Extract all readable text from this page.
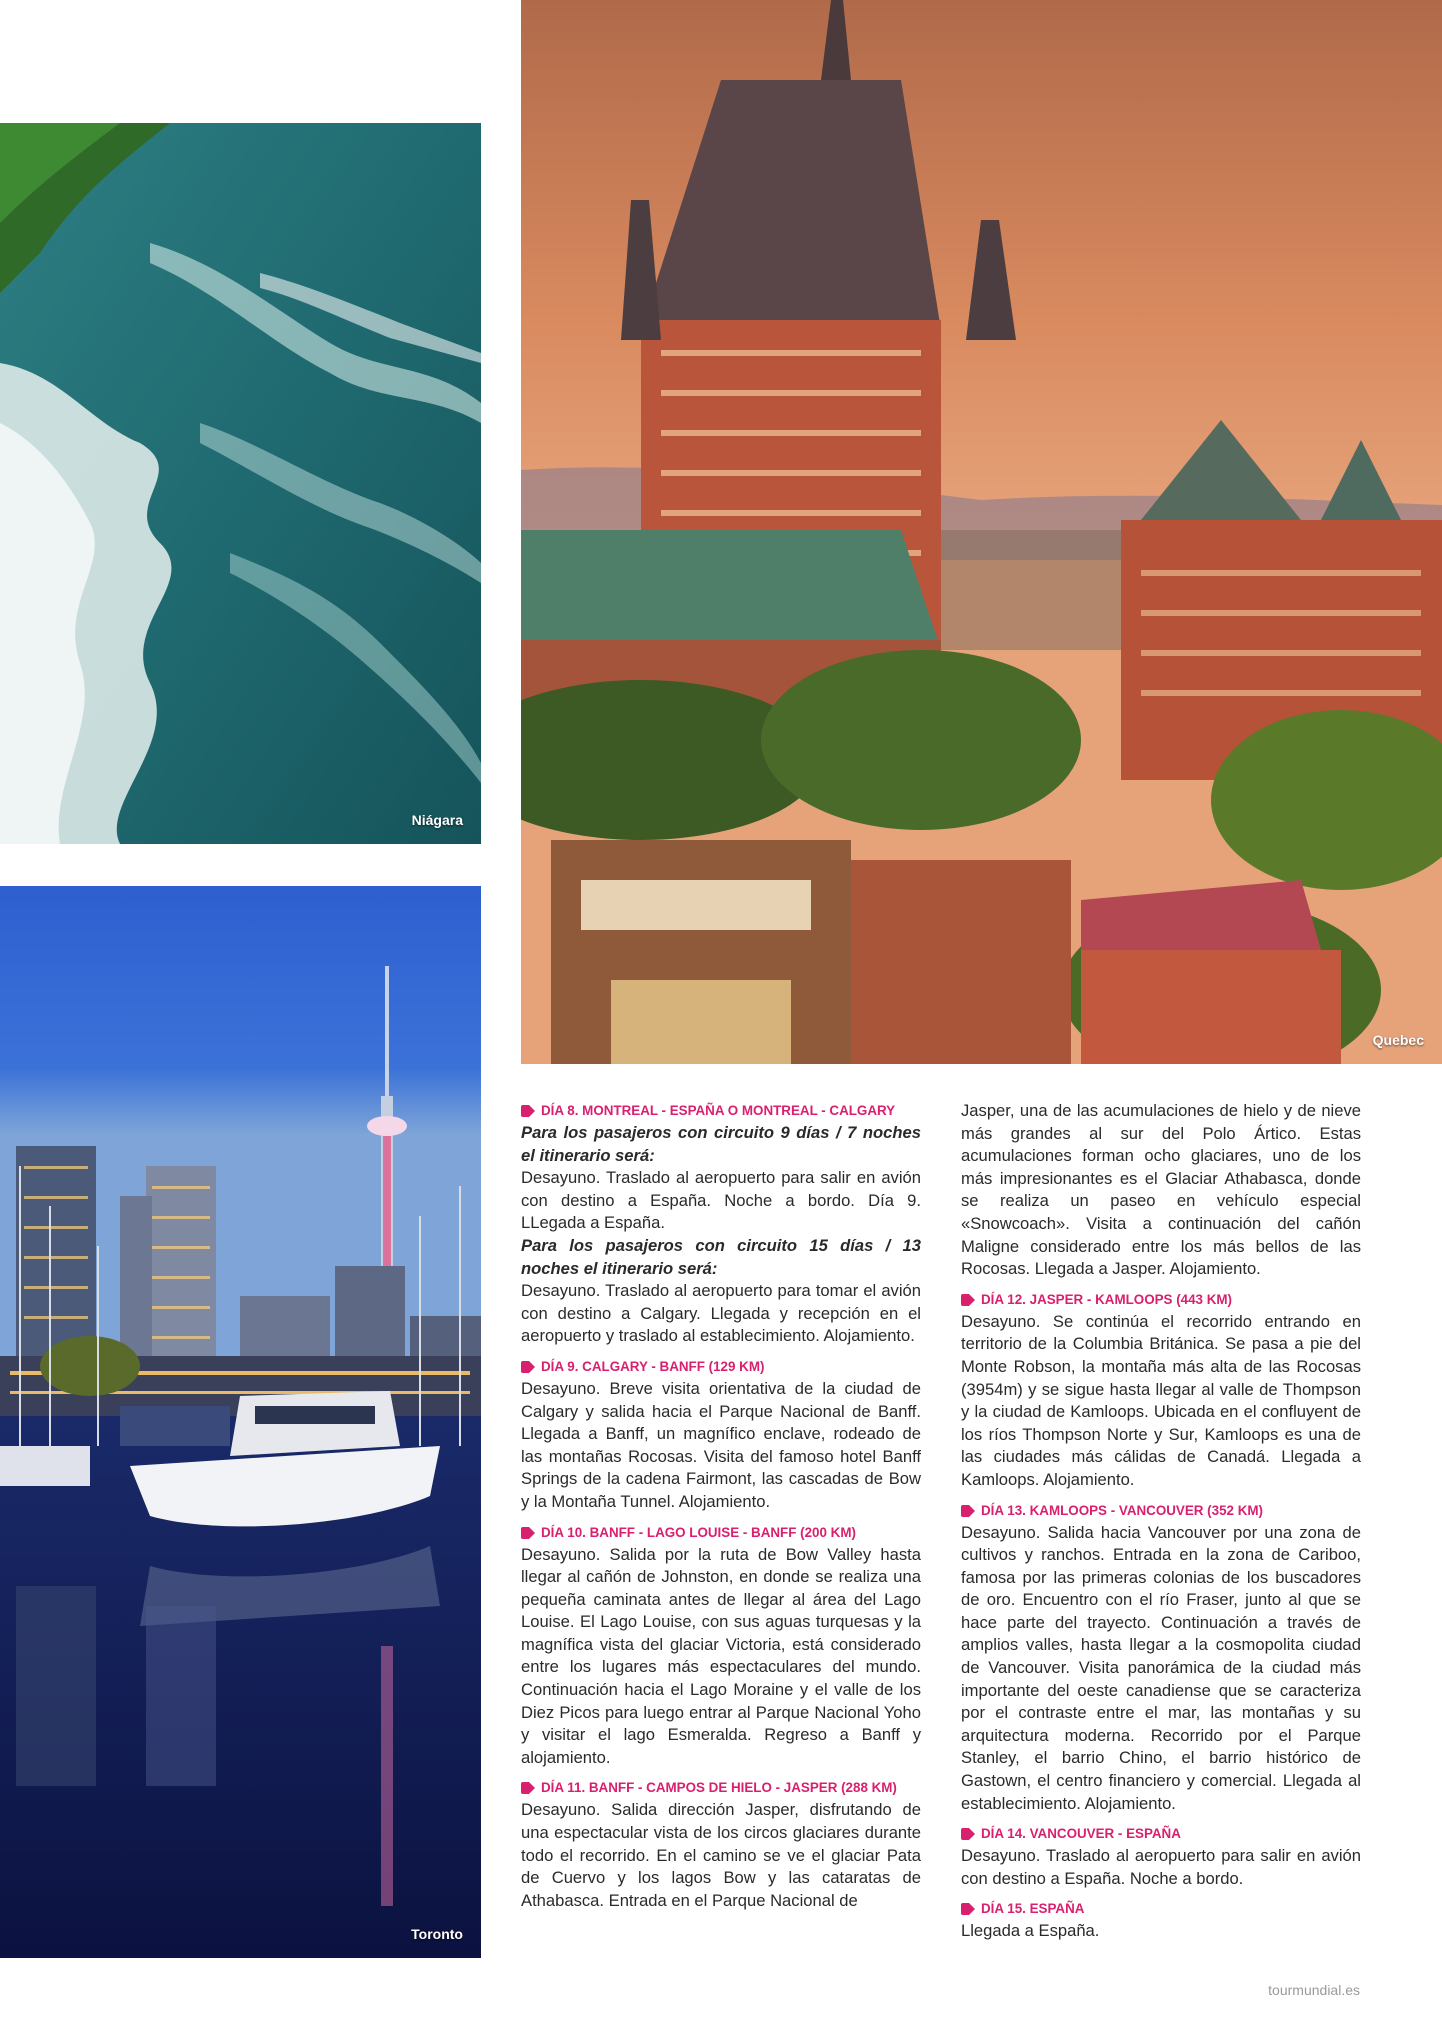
Niágara
Toronto
Quebec
DÍA 8. MONTREAL - ESPAÑA O MONTREAL - CALGARY
Para los pasajeros con circuito 9 días / 7 noches el itinerario será:
Desayuno. Traslado al aeropuerto para salir en avión con destino a España. Noche a bordo. Día 9. LLegada a España.
Para los pasajeros con circuito 15 días / 13 noches el itinerario será:
Desayuno. Traslado al aeropuerto para tomar el avión con destino a Calgary. Llegada y recepción en el aeropuerto y traslado al establecimiento. Alojamiento.
DÍA 9. CALGARY - BANFF (129 KM)
Desayuno. Breve visita orientativa de la ciudad de Calgary y salida hacia el Parque Nacional de Banff. Llegada a Banff, un magnífico enclave, rodeado de las montañas Rocosas. Visita del famoso hotel Banff Springs de la cadena Fairmont, las cascadas de Bow y la Montaña Tunnel. Alojamiento.
DÍA 10. BANFF - LAGO LOUISE - BANFF (200 KM)
Desayuno. Salida por la ruta de Bow Valley hasta llegar al cañón de Johnston, en donde se realiza una pequeña caminata antes de llegar al área del Lago Louise. El Lago Louise, con sus aguas turquesas y la magnífica vista del glaciar Victoria, está considerado entre los lugares más espectaculares del mundo. Continuación hacia el Lago Moraine y el valle de los Diez Picos para luego entrar al Parque Nacional Yoho y visitar el lago Esmeralda. Regreso a Banff y alojamiento.
DÍA 11. BANFF - CAMPOS DE HIELO - JASPER (288 KM)
Desayuno. Salida dirección Jasper, disfrutando de una espectacular vista de los circos glaciares durante todo el recorrido. En el camino se ve el glaciar Pata de Cuervo y los lagos Bow y las cataratas de Athabasca. Entrada en el Parque Nacional de
Jasper, una de las acumulaciones de hielo y de nieve más grandes al sur del Polo Ártico. Estas acumulaciones forman ocho glaciares, uno de los más impresionantes es el Glaciar Athabasca, donde se realiza un paseo en vehículo especial «Snowcoach». Visita a continuación del cañón Maligne considerado entre los más bellos de las Rocosas. Llegada a Jasper. Alojamiento.
DÍA 12. JASPER - KAMLOOPS (443 KM)
Desayuno. Se continúa el recorrido entrando en territorio de la Columbia Británica. Se pasa a pie del Monte Robson, la montaña más alta de las Rocosas (3954m) y se sigue hasta llegar al valle de Thompson y la ciudad de Kamloops. Ubicada en el confluyent de los ríos Thompson Norte y Sur, Kamloops es una de las ciudades más cálidas de Canadá. Llegada a Kamloops. Alojamiento.
DÍA 13. KAMLOOPS - VANCOUVER (352 KM)
Desayuno. Salida hacia Vancouver por una zona de cultivos y ranchos. Entrada en la zona de Cariboo, famosa por las primeras colonias de los buscadores de oro. Encuentro con el río Fraser, junto al que se hace parte del trayecto. Continuación a través de amplios valles, hasta llegar a la cosmopolita ciudad de Vancouver. Visita panorámica de la ciudad más importante del oeste canadiense que se caracteriza por el contraste entre el mar, las montañas y su arquitectura moderna. Recorrido por el Parque Stanley, el barrio Chino, el barrio histórico de Gastown, el centro financiero y comercial. Llegada al establecimiento. Alojamiento.
DÍA 14. VANCOUVER - ESPAÑA
Desayuno. Traslado al aeropuerto para salir en avión con destino a España. Noche a bordo.
DÍA 15. ESPAÑA
Llegada a España.
tourmundial.es
